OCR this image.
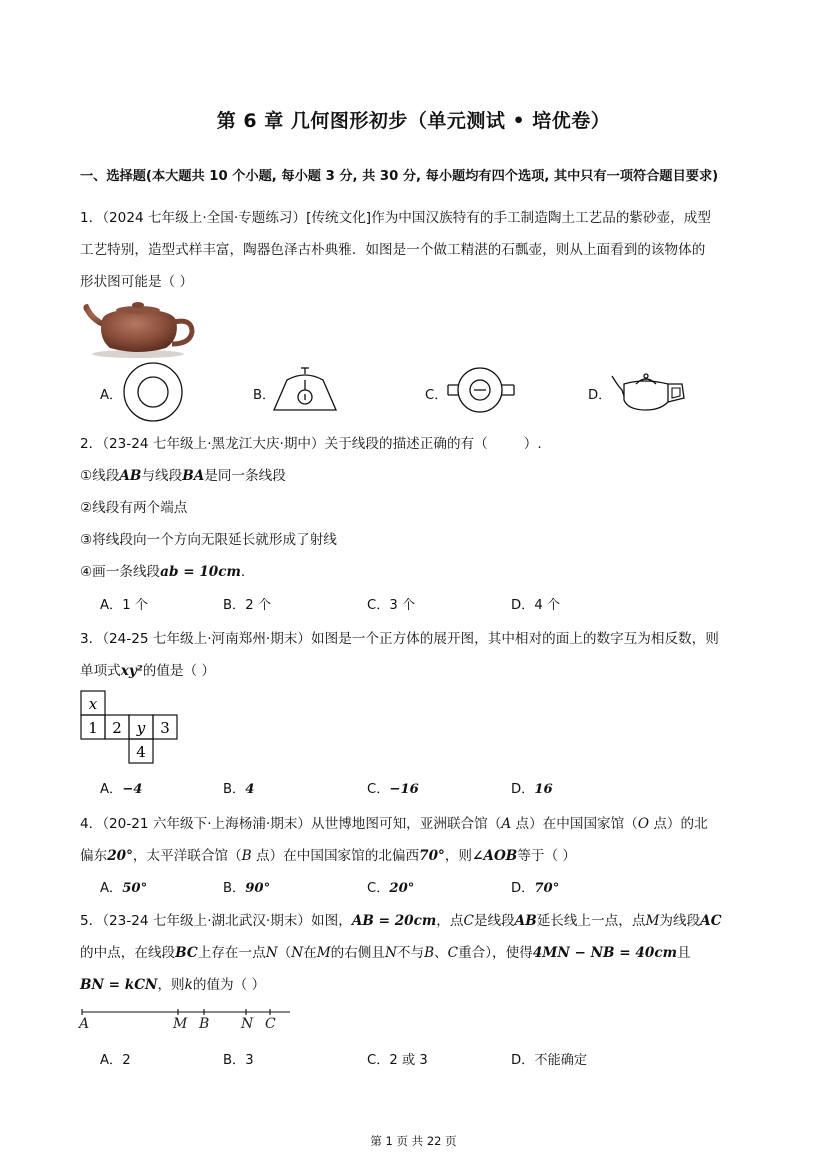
第 6 章 几何图形初步（单元测试 • 培优卷）
一、选择题(本大题共 10 个小题, 每小题 3 分, 共 30 分, 每小题均有四个选项, 其中只有一项符合题目要求)
1．（2024 七年级上·全国·专题练习）[传统文化]作为中国汉族特有的手工制造陶土工艺品的紫砂壶，成型
工艺特别，造型式样丰富，陶器色泽古朴典雅．如图是一个做工精湛的石瓢壶，则从上面看到的该物体的
形状图可能是（ ）
A．	B．	C．	D．
2．（23-24 七年级上·黑龙江大庆·期中）关于线段的描述正确的有（	）.
①线段AB与线段BA是同一条线段
②线段有两个端点
③将线段向一个方向无限延长就形成了射线
④画一条线段ab = 10cm.
A．1 个	B．2 个	C．3 个	D．4 个
3．（24-25 七年级上·河南郑州·期末）如图是一个正方体的展开图，其中相对的面上的数字互为相反数，则
单项式xy²的值是（ ）
x
1 2 y 3
4
A．−4	B．4	C．−16	D．16
4．（20-21 六年级下·上海杨浦·期末）从世博地图可知，亚洲联合馆（A 点）在中国国家馆（O 点）的北
偏东20°，太平洋联合馆（B 点）在中国国家馆的北偏西70°，则∠AOB等于（ ）
A．50°	B．90°	C．20°	D．70°
5．（23-24 七年级上·湖北武汉·期末）如图，AB = 20cm，点C是线段AB延长线上一点，点M为线段AC
的中点，在线段BC上存在一点N（N在M的右侧且N不与B、C重合），使得4MN − NB = 40cm且
BN = kCN，则k的值为（ ）
A	M B N C
A．2	B．3	C．2 或 3	D．不能确定
第 1 页 共 22 页
